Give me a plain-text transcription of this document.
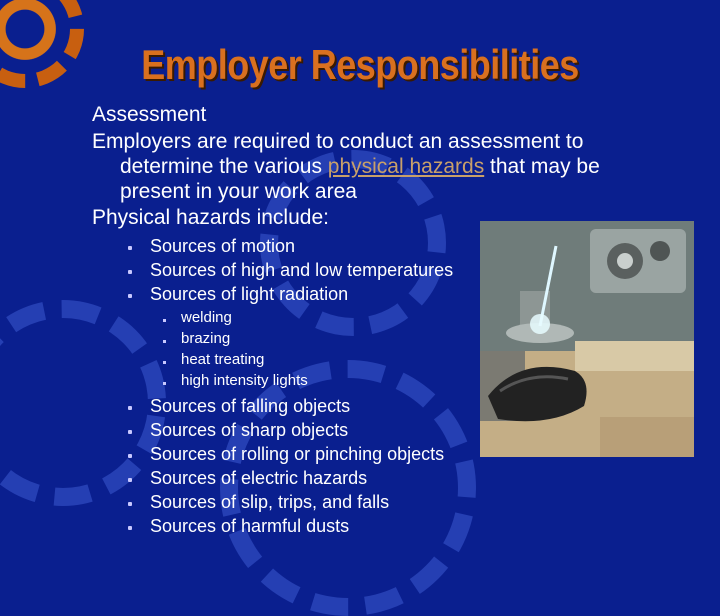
Employer Responsibilities
Assessment
Employers are required to conduct an assessment to
determine the various physical hazards that may be
present in your work area
Physical hazards include:
Sources of motion
Sources of high and low temperatures
Sources of light radiation
welding
brazing
heat treating
high intensity lights
Sources of falling objects
Sources of sharp objects
Sources of rolling or pinching objects
Sources of electric hazards
Sources of slip, trips, and falls
Sources of harmful dusts
